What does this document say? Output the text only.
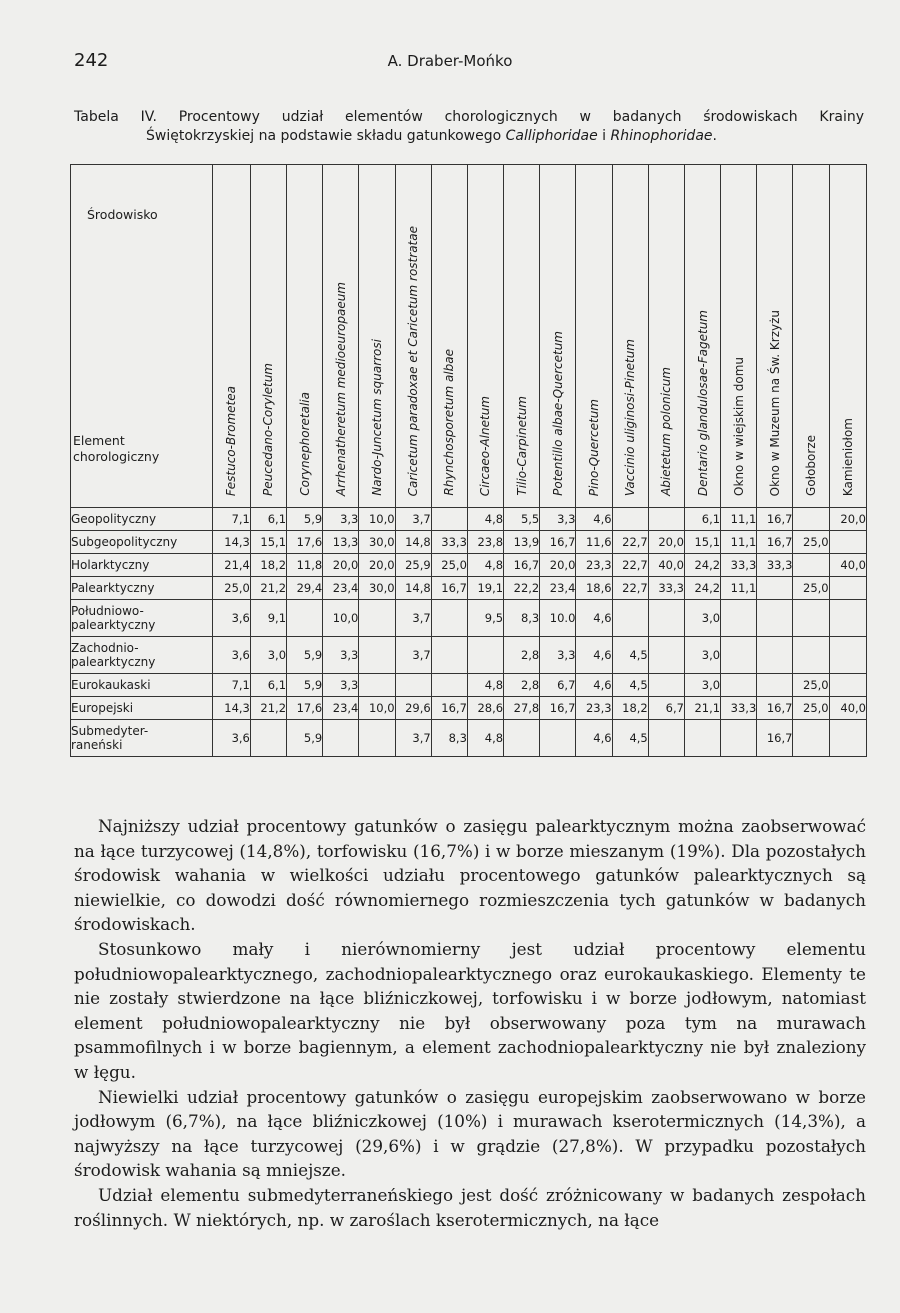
242	A. Draber-Mońko
Tabela IV. Procentowy udział elementów chorologicznych w badanych środowiskach Krainy
Świętokrzyskiej na podstawie składu gatunkowego Calliphoridae i Rhinophoridae.
Środowisko
Element
chorologiczny	Festuco-Brometea	Peucedano-Coryletum	Corynephoretalia	Arrhenatheretum medioeuropaeum	Nardo-Juncetum squarrosi	Caricetum paradoxae et Caricetum rostratae	Rhynchosporetum albae	Circaeo-Alnetum	Tilio-Carpinetum	Potentillo albae-Quercetum	Pino-Quercetum	Vaccinio uliginosi-Pinetum	Abietetum polonicum	Dentario glandulosae-Fagetum	Okno w wiejskim domu	Okno w Muzeum na Św. Krzyżu	Gołoborze	Kamieniołom
Geopolityczny	7,1	6,1	5,9	3,3	10,0	3,7		4,8	5,5	3,3	4,6			6,1	11,1	16,7		20,0
Subgeopolityczny	14,3	15,1	17,6	13,3	30,0	14,8	33,3	23,8	13,9	16,7	11,6	22,7	20,0	15,1	11,1	16,7	25,0	
Holarktyczny	21,4	18,2	11,8	20,0	20,0	25,9	25,0	4,8	16,7	20,0	23,3	22,7	40,0	24,2	33,3	33,3		40,0
Palearktyczny	25,0	21,2	29,4	23,4	30,0	14,8	16,7	19,1	22,2	23,4	18,6	22,7	33,3	24,2	11,1		25,0	
Południowo-
palearktyczny	3,6	9,1		10,0		3,7		9,5	8,3	10.0	4,6			3,0				
Zachodnio-
palearktyczny	3,6	3,0	5,9	3,3		3,7			2,8	3,3	4,6	4,5		3,0				
Eurokaukaski	7,1	6,1	5,9	3,3				4,8	2,8	6,7	4,6	4,5		3,0			25,0	
Europejski	14,3	21,2	17,6	23,4	10,0	29,6	16,7	28,6	27,8	16,7	23,3	18,2	6,7	21,1	33,3	16,7	25,0	40,0
Submedyter-
raneński	3,6		5,9			3,7	8,3	4,8			4,6	4,5				16,7		

Najniższy udział procentowy gatunków o zasięgu palearktycznym można zaobserwować na łące turzycowej (14,8%), torfowisku (16,7%) i w borze mieszanym (19%). Dla pozostałych środowisk wahania w wielkości udziału procentowego gatunków palearktycznych są niewielkie, co dowodzi dość równomiernego rozmieszczenia tych gatunków w badanych środowiskach.

Stosunkowo mały i nierównomierny jest udział procentowy elementu południowopalearktycznego, zachodniopalearktycznego oraz eurokaukaskiego. Elementy te nie zostały stwierdzone na łące bliźniczkowej, torfowisku i w borze jodłowym, natomiast element południowopalearktyczny nie był obserwowany poza tym na murawach psammofilnych i w borze bagiennym, a element zachodniopalearktyczny nie był znaleziony w łęgu.

Niewielki udział procentowy gatunków o zasięgu europejskim zaobserwowano w borze jodłowym (6,7%), na łące bliźniczkowej (10%) i murawach kserotermicznych (14,3%), a najwyższy na łące turzycowej (29,6%) i w grądzie (27,8%). W przypadku pozostałych środowisk wahania są mniejsze.

Udział elementu submedyterraneńskiego jest dość zróżnicowany w badanych zespołach roślinnych. W niektórych, np. w zaroślach kserotermicznych, na łące
